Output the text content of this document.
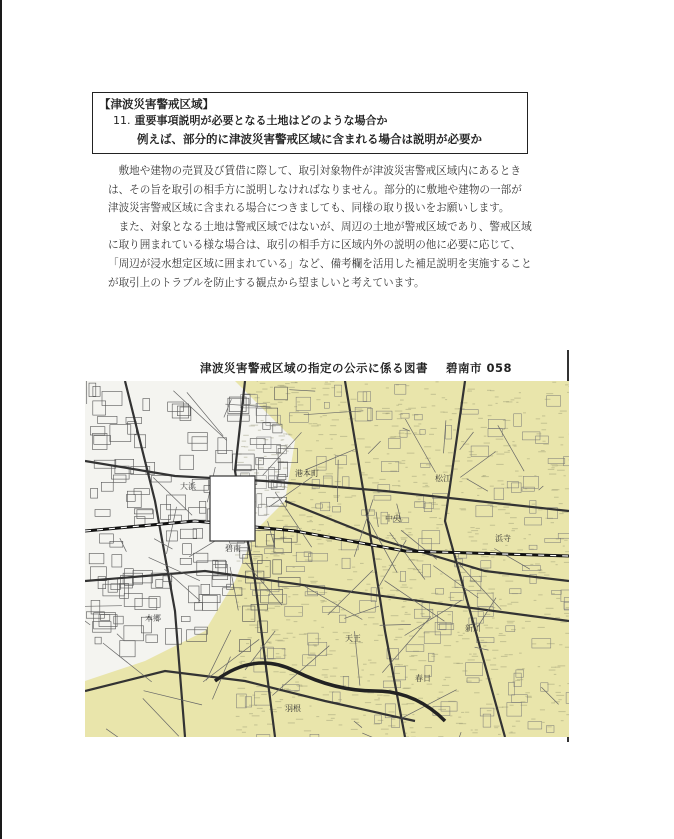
【津波災害警戒区域】
11. 重要事項説明が必要となる土地はどのような場合か
例えば、部分的に津波災害警戒区域に含まれる場合は説明が必要か

敷地や建物の売買及び賃借に際して、取引対象物件が津波災害警戒区域内にあるときは、その旨を取引の相手方に説明しなければなりません。部分的に敷地や建物の一部が津波災害警戒区域に含まれる場合につきましても、同様の取り扱いをお願いします。

また、対象となる土地は警戒区域ではないが、周辺の土地が警戒区域であり、警戒区域に取り囲まれている様な場合は、取引の相手方に区域内外の説明の他に必要に応じて、「周辺が浸水想定区域に囲まれている」など、備考欄を活用した補足説明を実施することが取引上のトラブルを防止する観点から望ましいと考えています。

津波災害警戒区域の指定の公示に係る図書 碧南市 058
大浜
港本町
碧南
中央
松江
浜寺
天王
新川
羽根
春日
本郷
